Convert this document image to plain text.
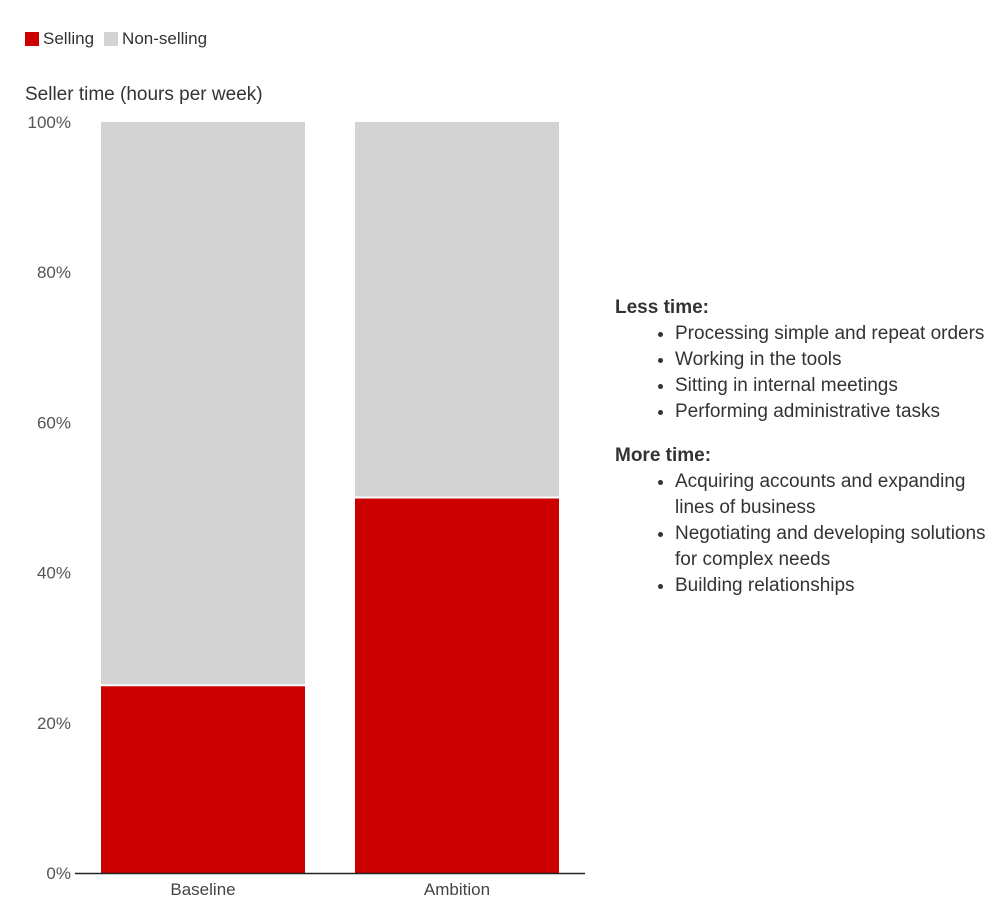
Selling Non-selling
Seller time (hours per week)
0%
20%
40%
60%
80%
100%
Baseline	Ambition

Less time:

• Processing simple and repeat orders
• Working in the tools
• Sitting in internal meetings
• Performing administrative tasks

More time:

• Acquiring accounts and expanding lines of business
• Negotiating and developing solutions for complex needs
• Building relationships
